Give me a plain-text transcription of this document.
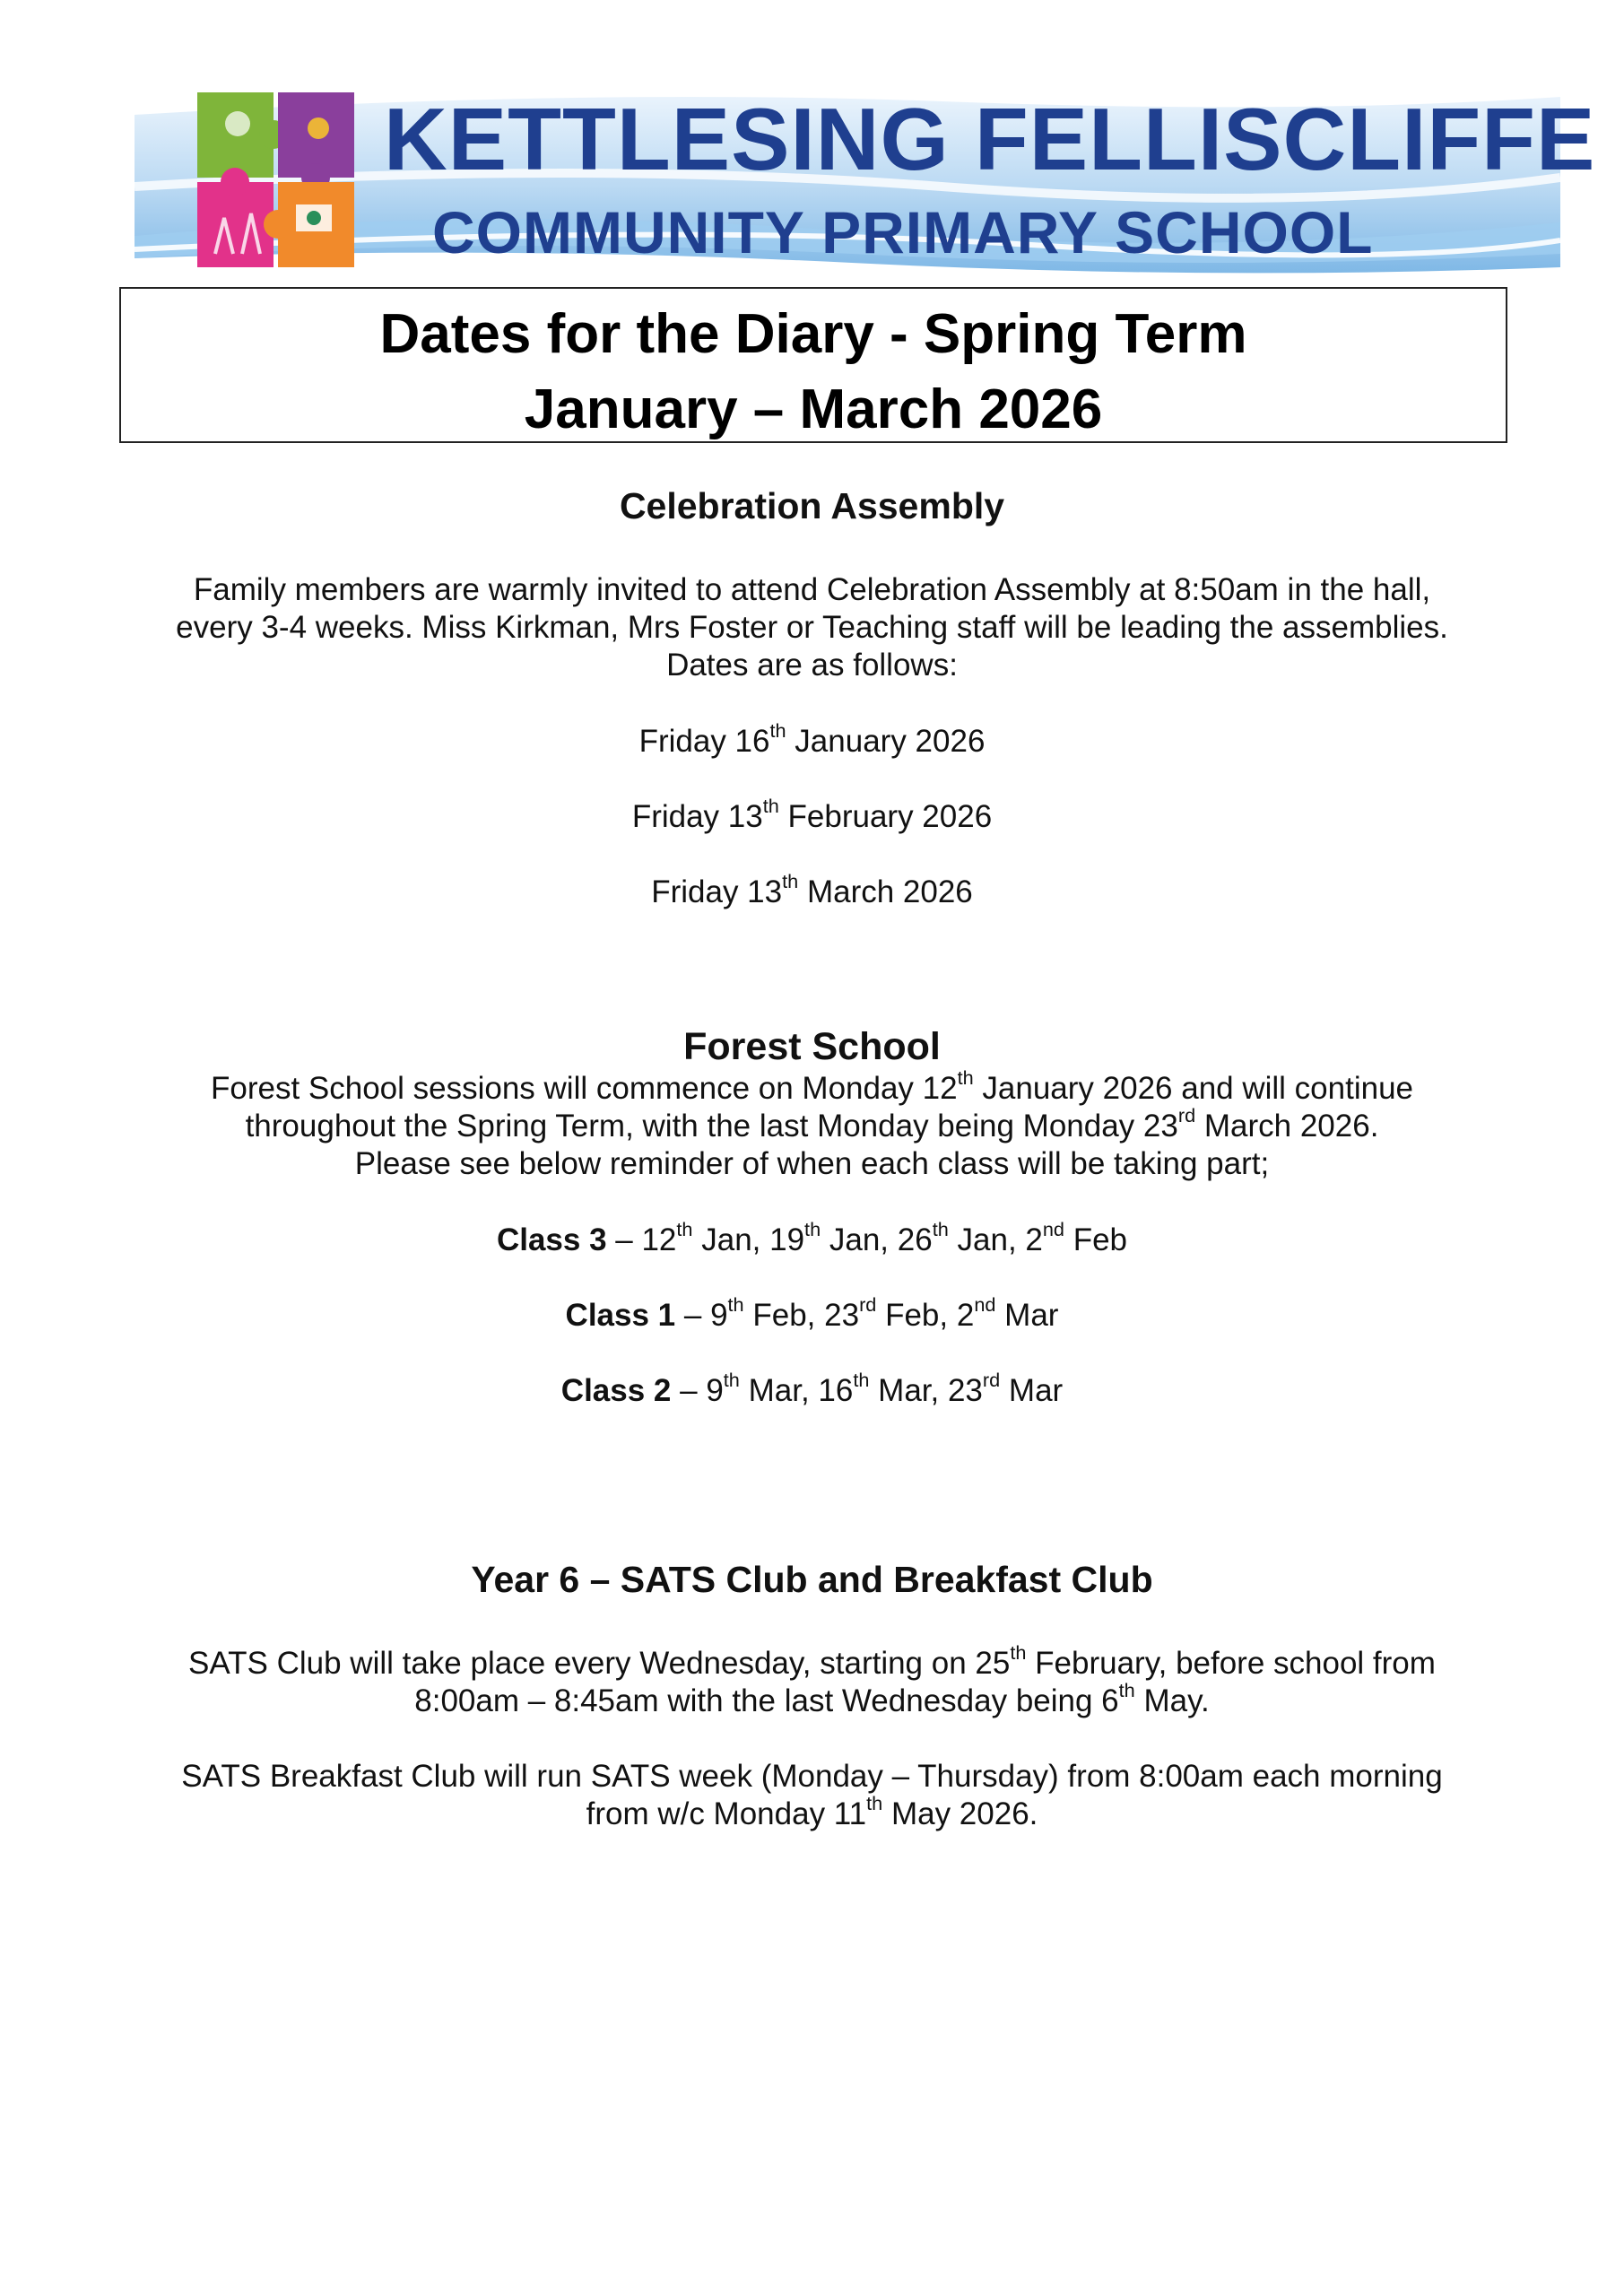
KETTLESING FELLISCLIFFE
COMMUNITY PRIMARY SCHOOL
Dates for the Diary - Spring Term
January – March 2026
Celebration Assembly
Family members are warmly invited to attend Celebration Assembly at 8:50am in the hall,
every 3-4 weeks. Miss Kirkman, Mrs Foster or Teaching staff will be leading the assemblies.
Dates are as follows:
Friday 16th January 2026
Friday 13th February 2026
Friday 13th March 2026
Forest School
Forest School sessions will commence on Monday 12th January 2026 and will continue
throughout the Spring Term, with the last Monday being Monday 23rd March 2026.
Please see below reminder of when each class will be taking part;
Class 3 – 12th Jan, 19th Jan, 26th Jan, 2nd Feb
Class 1 – 9th Feb, 23rd Feb, 2nd Mar
Class 2 – 9th Mar, 16th Mar, 23rd Mar
Year 6 – SATS Club and Breakfast Club
SATS Club will take place every Wednesday, starting on 25th February, before school from
8:00am – 8:45am with the last Wednesday being 6th May.
SATS Breakfast Club will run SATS week (Monday – Thursday) from 8:00am each morning
from w/c Monday 11th May 2026.
